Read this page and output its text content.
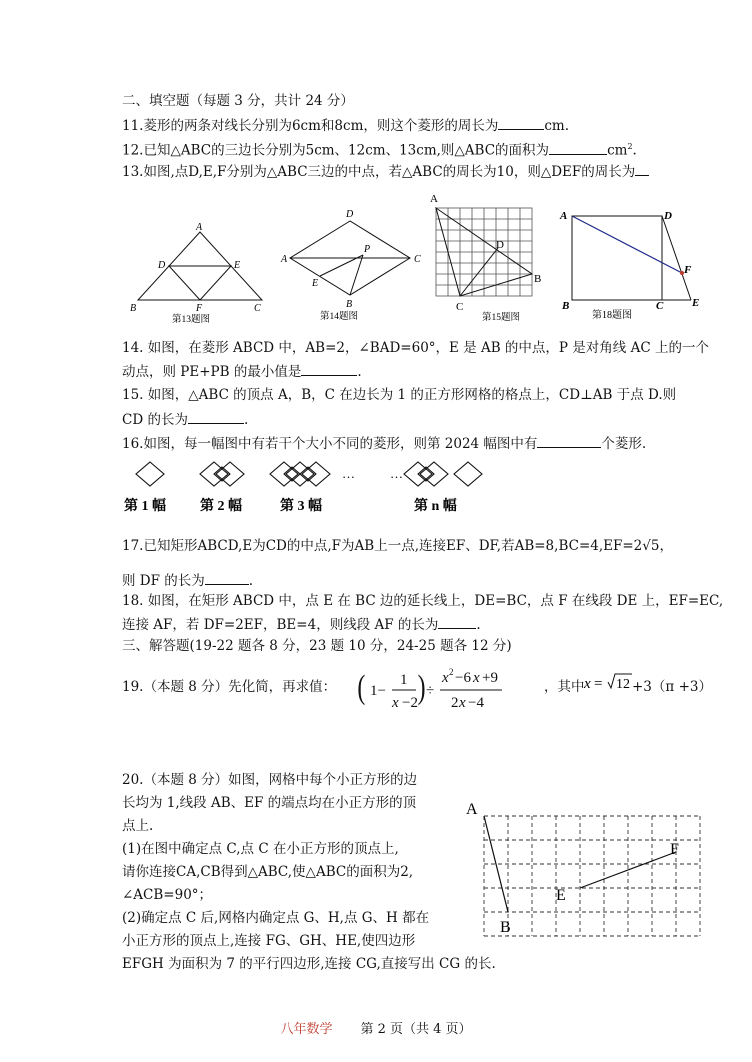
二、填空题（每题 3 分，共计 24 分）
11.菱形的两条对线长分别为6cm和8cm，则这个菱形的周长为	cm.
12.已知△ABC的三边长分别为5cm、12cm、13cm,则△ABC的面积为	$cm^2$.
13.如图,点D,E,F分别为△ABC三边的中点，若△ABC的周长为10，则△DEF的周长为
A
D	E
B	F	C
第13题图
D
A	C
P
E
B
第14题图
A
D
B
C
第15题图
A	D
F
B	C	E
第18题图
14. 如图，在菱形 ABCD 中，AB=2，∠BAD=60°，E 是 AB 的中点，P 是对角线 AC 上的一个
动点，则 PE+PB 的最小值是	.
15. 如图，△ABC 的顶点 A，B，C 在边长为 1 的正方形网格的格点上，CD⊥AB 于点 D.则
CD 的长为	.
16.如图，每一幅图中有若干个大小不同的菱形，则第 2024 幅图中有	个菱形.
…
…
第 1 幅 第 2 幅	第 3 幅	第 n 幅
17.已知矩形ABCD,E为CD的中点,F为AB上一点,连接EF、DF,若AB=8,BC=4,EF=2√5，
则 DF 的长为	.
18. 如图，在矩形 ABCD 中，点 E 在 BC 边的延长线上，DE=BC，点 F 在线段 DE 上，EF=EC,
连接 AF，若 DF=2EF，BE=4，则线段 AF 的长为	.
三、解答题(19-22 题各 8 分，23 题 10 分，24-25 题各 12 分)
19.（本题 8 分）先化简，再求值： ( 1−
1
x −2 ) ÷
x 2 −6 x +9
2 x −4
，其中 x = 12 +3（π +3）
20.（本题 8 分）如图，网格中每个小正方形的边
长均为 1,线段 AB、EF 的端点均在小正方形的顶
点上.
(1)在图中确定点 C,点 C 在小正方形的顶点上,
请你连接CA,CB得到△ABC,使△ABC的面积为2,
∠ACB=90°；
(2)确定点 C 后,网格内确定点 G、H,点 G、H 都在
小正方形的顶点上,连接 FG、GH、HE,使四边形
EFGH 为面积为 7 的平行四边形,连接 CG,直接写出 CG 的长.
A
B
E
F
八年数学 第 2 页（共 4 页）
